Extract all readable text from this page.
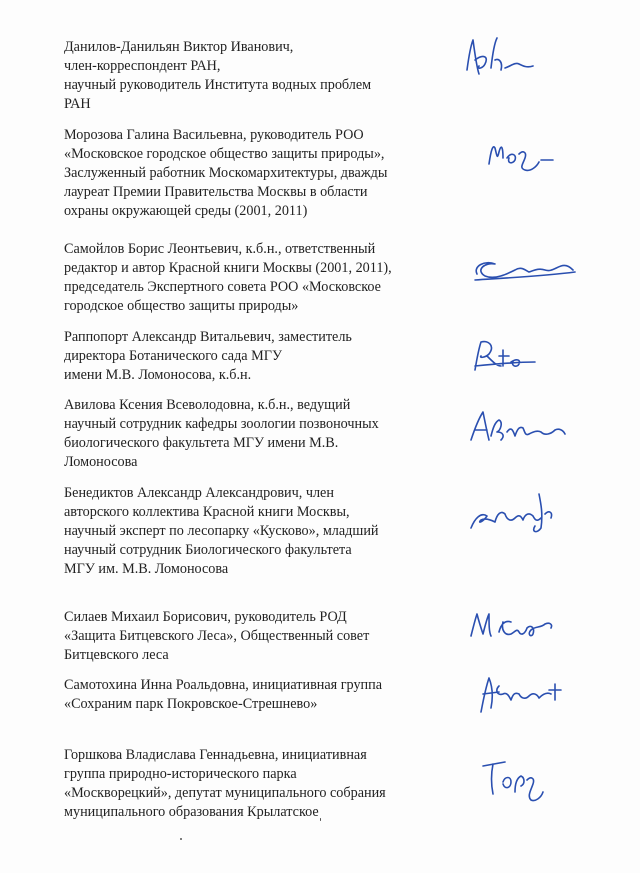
Данилов-Данильян Виктор Иванович,
член-корреспондент РАН,
научный руководитель Института водных проблем
РАН

Морозова Галина Васильевна, руководитель РОО
«Московское городское общество защиты природы»,
Заслуженный работник Москомархитектуры, дважды
лауреат Премии Правительства Москвы в области
охраны окружающей среды (2001, 2011)

Самойлов Борис Леонтьевич, к.б.н., ответственный
редактор и автор Красной книги Москвы (2001, 2011),
председатель Экспертного совета РОО «Московское
городское общество защиты природы»

Раппопорт Александр Витальевич, заместитель
директора Ботанического сада МГУ
имени М.В. Ломоносова, к.б.н.

Авилова Ксения Всеволодовна, к.б.н., ведущий
научный сотрудник кафедры зоологии позвоночных
биологического факультета МГУ имени М.В.
Ломоносова

Бенедиктов Александр Александрович, член
авторского коллектива Красной книги Москвы,
научный эксперт по лесопарку «Кусково», младший
научный сотрудник Биологического факультета
МГУ им. М.В. Ломоносова

Силаев Михаил Борисович, руководитель РОД
«Защита Битцевского Леса», Общественный совет
Битцевского леса

Самотохина Инна Роальдовна, инициативная группа
«Сохраним парк Покровское-Стрешнево»

Горшкова Владислава Геннадьевна, инициативная
группа природно-исторического парка
«Москворецкий», депутат муниципального собрания
муниципального образования Крылатское
